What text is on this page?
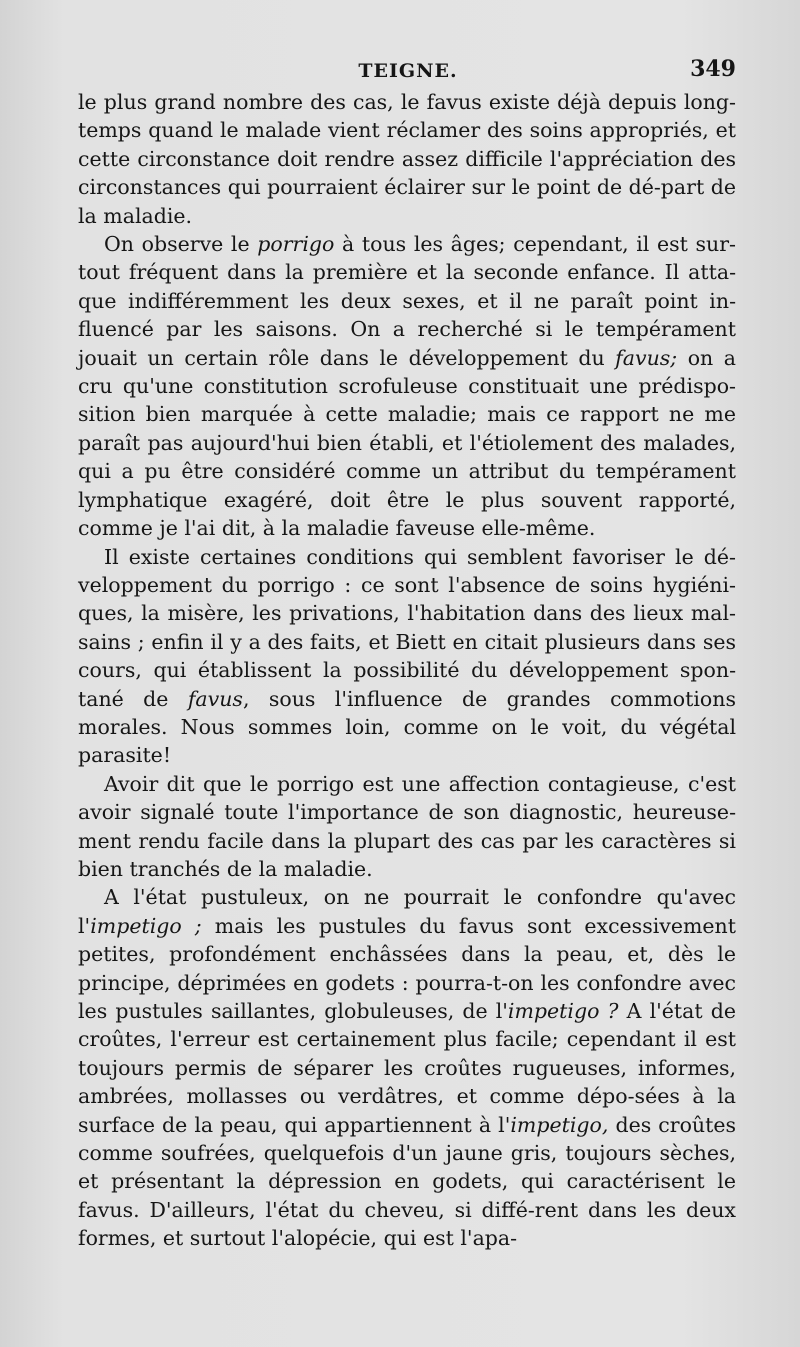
TEIGNE.	349

le plus grand nombre des cas, le favus existe déjà depuis long-temps quand le malade vient réclamer des soins appropriés, et cette circonstance doit rendre assez difficile l'appréciation des circonstances qui pourraient éclairer sur le point de dé-part de la maladie.

On observe le porrigo à tous les âges; cependant, il est sur-tout fréquent dans la première et la seconde enfance. Il atta-que indifféremment les deux sexes, et il ne paraît point in-fluencé par les saisons. On a recherché si le tempérament jouait un certain rôle dans le développement du favus; on a cru qu'une constitution scrofuleuse constituait une prédispo-sition bien marquée à cette maladie; mais ce rapport ne me paraît pas aujourd'hui bien établi, et l'étiolement des malades, qui a pu être considéré comme un attribut du tempérament lymphatique exagéré, doit être le plus souvent rapporté, comme je l'ai dit, à la maladie faveuse elle-même.

Il existe certaines conditions qui semblent favoriser le dé-veloppement du porrigo : ce sont l'absence de soins hygiéni-ques, la misère, les privations, l'habitation dans des lieux mal-sains ; enfin il y a des faits, et Biett en citait plusieurs dans ses cours, qui établissent la possibilité du développement spon-tané de favus, sous l'influence de grandes commotions morales. Nous sommes loin, comme on le voit, du végétal parasite!

Avoir dit que le porrigo est une affection contagieuse, c'est avoir signalé toute l'importance de son diagnostic, heureuse-ment rendu facile dans la plupart des cas par les caractères si bien tranchés de la maladie.

A l'état pustuleux, on ne pourrait le confondre qu'avec l'impetigo ; mais les pustules du favus sont excessivement petites, profondément enchâssées dans la peau, et, dès le principe, déprimées en godets : pourra-t-on les confondre avec les pustules saillantes, globuleuses, de l'impetigo ? A l'état de croûtes, l'erreur est certainement plus facile; cependant il est toujours permis de séparer les croûtes rugueuses, informes, ambrées, mollasses ou verdâtres, et comme dépo-sées à la surface de la peau, qui appartiennent à l'impetigo, des croûtes comme soufrées, quelquefois d'un jaune gris, toujours sèches, et présentant la dépression en godets, qui caractérisent le favus. D'ailleurs, l'état du cheveu, si diffé-rent dans les deux formes, et surtout l'alopécie, qui est l'apa-
